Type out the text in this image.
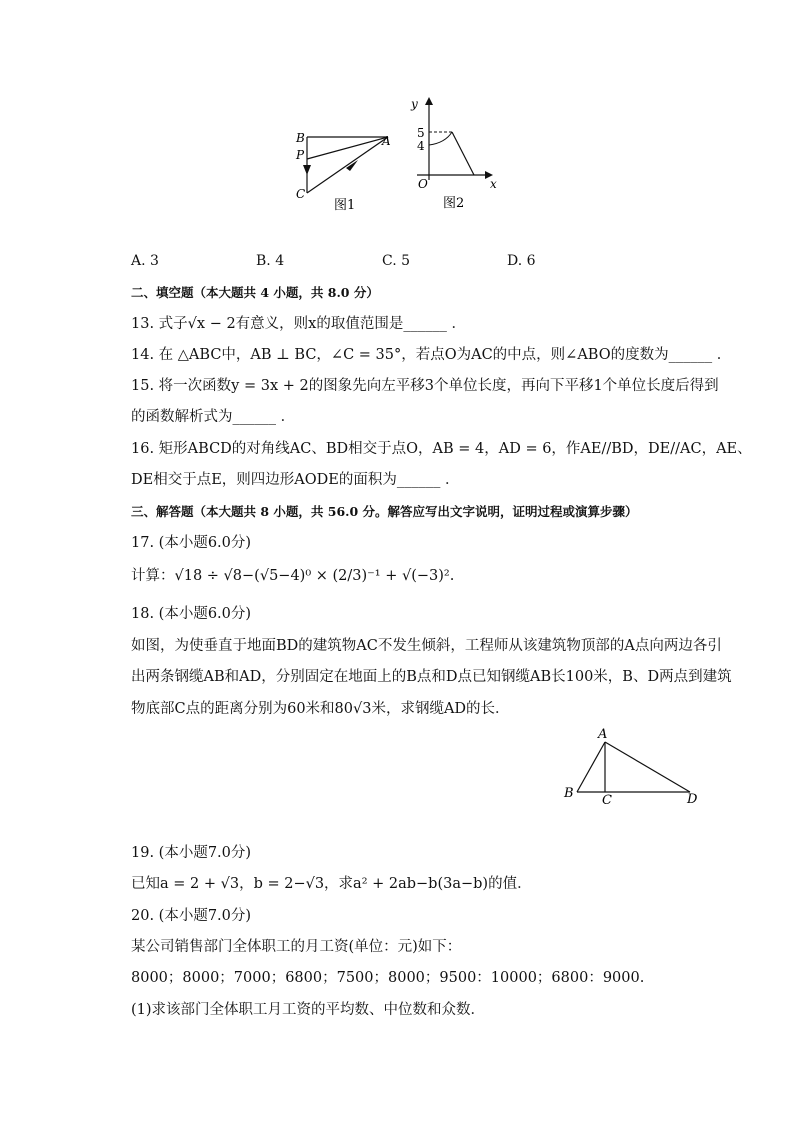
B
P
C
A
图1
y
5
4
O	x
图2
A. 3	B. 4	C. 5	D. 6
二、填空题（本大题共 4 小题，共 8.0 分）
13. 式子√x − 2有意义，则x的取值范围是______ ．
14. 在 △ABC中，AB ⊥ BC，∠C = 35°，若点O为AC的中点，则∠ABO的度数为______ ．
15. 将一次函数y = 3x + 2的图象先向左平移3个单位长度，再向下平移1个单位长度后得到
的函数解析式为______ ．
16. 矩形ABCD的对角线AC、BD相交于点O，AB = 4，AD = 6，作AE//BD，DE//AC，AE、
DE相交于点E，则四边形AODE的面积为______ ．
三、解答题（本大题共 8 小题，共 56.0 分。解答应写出文字说明，证明过程或演算步骤）
17. (本小题6.0分)
计算：√18 ÷ √8−(√5−4)⁰ × (2/3)⁻¹ + √(−3)².
18. (本小题6.0分)
如图，为使垂直于地面BD的建筑物AC不发生倾斜，工程师从该建筑物顶部的A点向两边各引
出两条钢缆AB和AD，分别固定在地面上的B点和D点已知钢缆AB长100米，B、D两点到建筑
物底部C点的距离分别为60米和80√3米，求钢缆AD的长．
A
B C	D
19. (本小题7.0分)
已知a = 2 + √3，b = 2−√3，求a² + 2ab−b(3a−b)的值．
20. (本小题7.0分)
某公司销售部门全体职工的月工资(单位：元)如下：
8000；8000；7000；6800；7500；8000；9500：10000；6800：9000.
(1)求该部门全体职工月工资的平均数、中位数和众数．
